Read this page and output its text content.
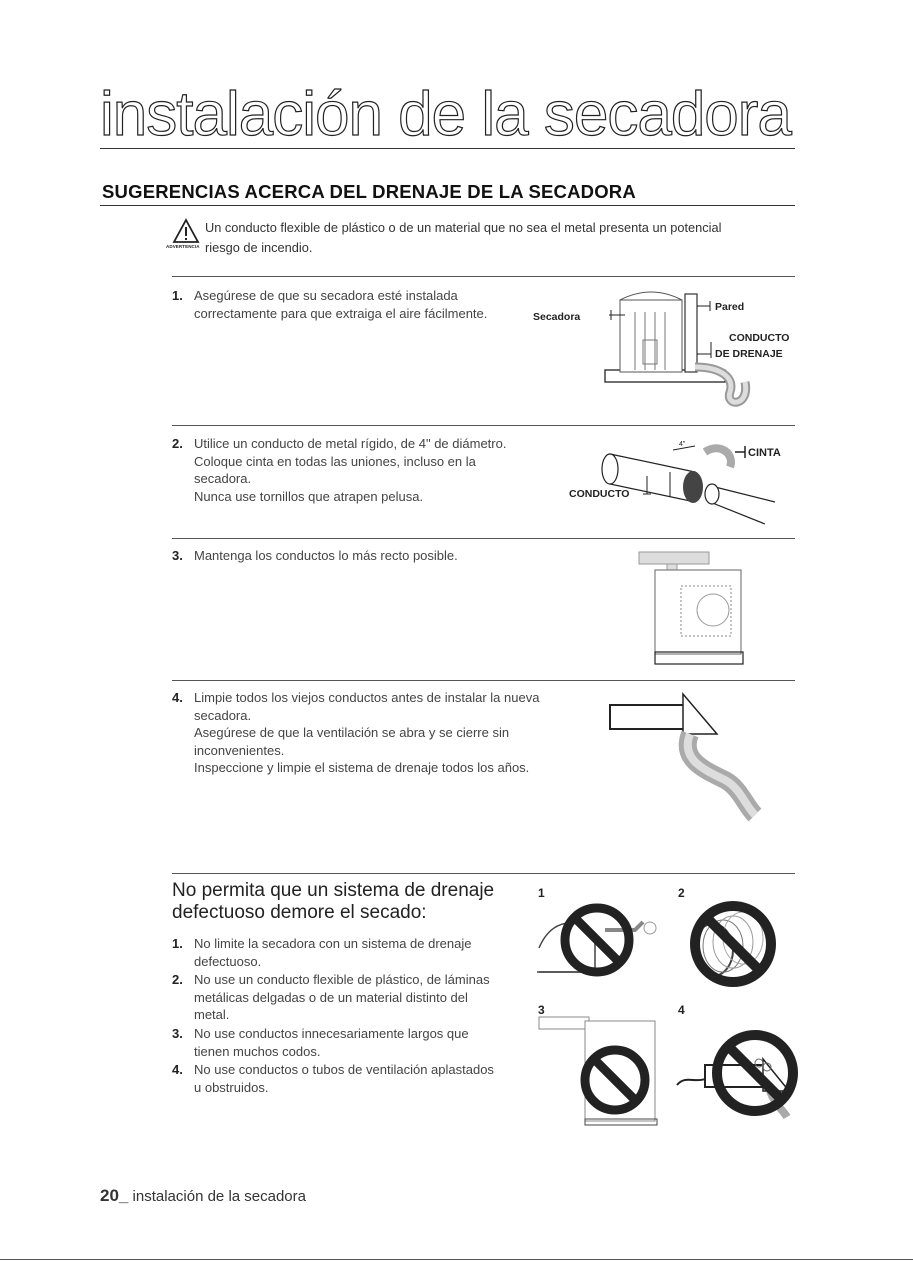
instalación de la secadora
SUGERENCIAS ACERCA DEL DRENAJE DE LA SECADORA
ADVERTENCIA
Un conducto flexible de plástico o de un material que no sea el metal presenta un potencial
riesgo de incendio.
1. Asegúrese de que su secadora esté instalada
correctamente para que extraiga el aire fácilmente.	Secadora
Pared
CONDUCTO
DE DRENAJE
2. Utilice un conducto de metal rígido, de 4" de diámetro.
Coloque cinta en todas las uniones, incluso en la
secadora.
Nunca use tornillos que atrapen pelusa.
4"
CINTA
CONDUCTO
3. Mantenga los conductos lo más recto posible.
4. Limpie todos los viejos conductos antes de instalar la nueva
secadora.
Asegúrese de que la ventilación se abra y se cierre sin
inconvenientes.
Inspeccione y limpie el sistema de drenaje todos los años.
No permita que un sistema de drenaje
defectuoso demore el secado:
1. No limite la secadora con un sistema de drenaje
defectuoso.
2. No use un conducto flexible de plástico, de láminas
metálicas delgadas o de un material distinto del
metal.
3. No use conductos innecesariamente largos que
tienen muchos codos.
4. No use conductos o tubos de ventilación aplastados
u obstruidos.
1	2
3	4
20_ instalación de la secadora
